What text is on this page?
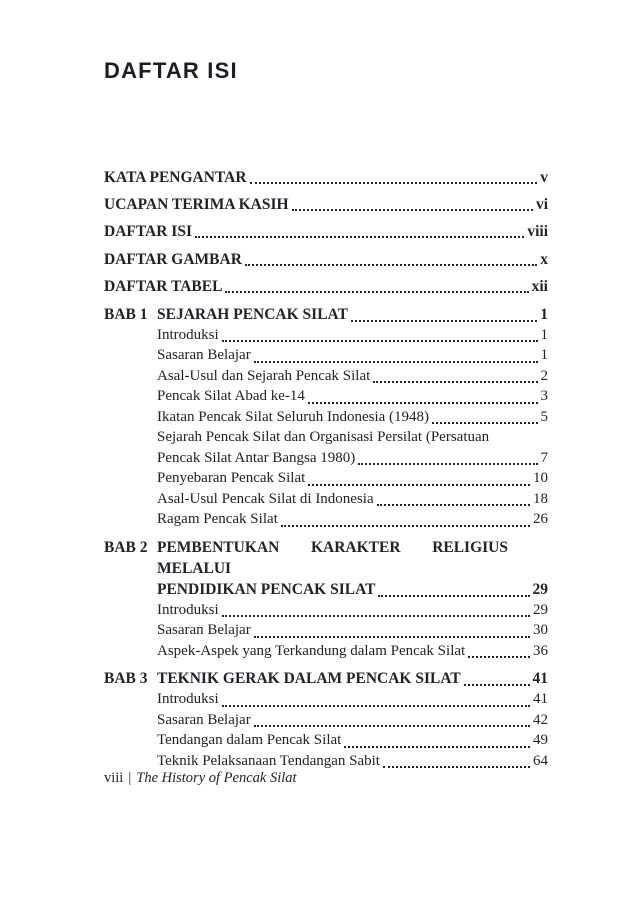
DAFTAR ISI
KATA PENGANTAR	v
UCAPAN TERIMA KASIH	vi
DAFTAR ISI	viii
DAFTAR GAMBAR	x
DAFTAR TABEL	xii
BAB 1 SEJARAH PENCAK SILAT	1
Introduksi	1
Sasaran Belajar	1
Asal-Usul dan Sejarah Pencak Silat	2
Pencak Silat Abad ke-14	3
Ikatan Pencak Silat Seluruh Indonesia (1948)	5
Sejarah Pencak Silat dan Organisasi Persilat (Persatuan
Pencak Silat Antar Bangsa 1980)	7
Penyebaran Pencak Silat	10
Asal-Usul Pencak Silat di Indonesia	18
Ragam Pencak Silat	26
BAB 2 PEMBENTUKAN KARAKTER RELIGIUS MELALUI
PENDIDIKAN PENCAK SILAT	29
Introduksi	29
Sasaran Belajar	30
Aspek-Aspek yang Terkandung dalam Pencak Silat	36
BAB 3 TEKNIK GERAK DALAM PENCAK SILAT	41
Introduksi	41
Sasaran Belajar	42
Tendangan dalam Pencak Silat	49
Teknik Pelaksanaan Tendangan Sabit	64
viii | The History of Pencak Silat
